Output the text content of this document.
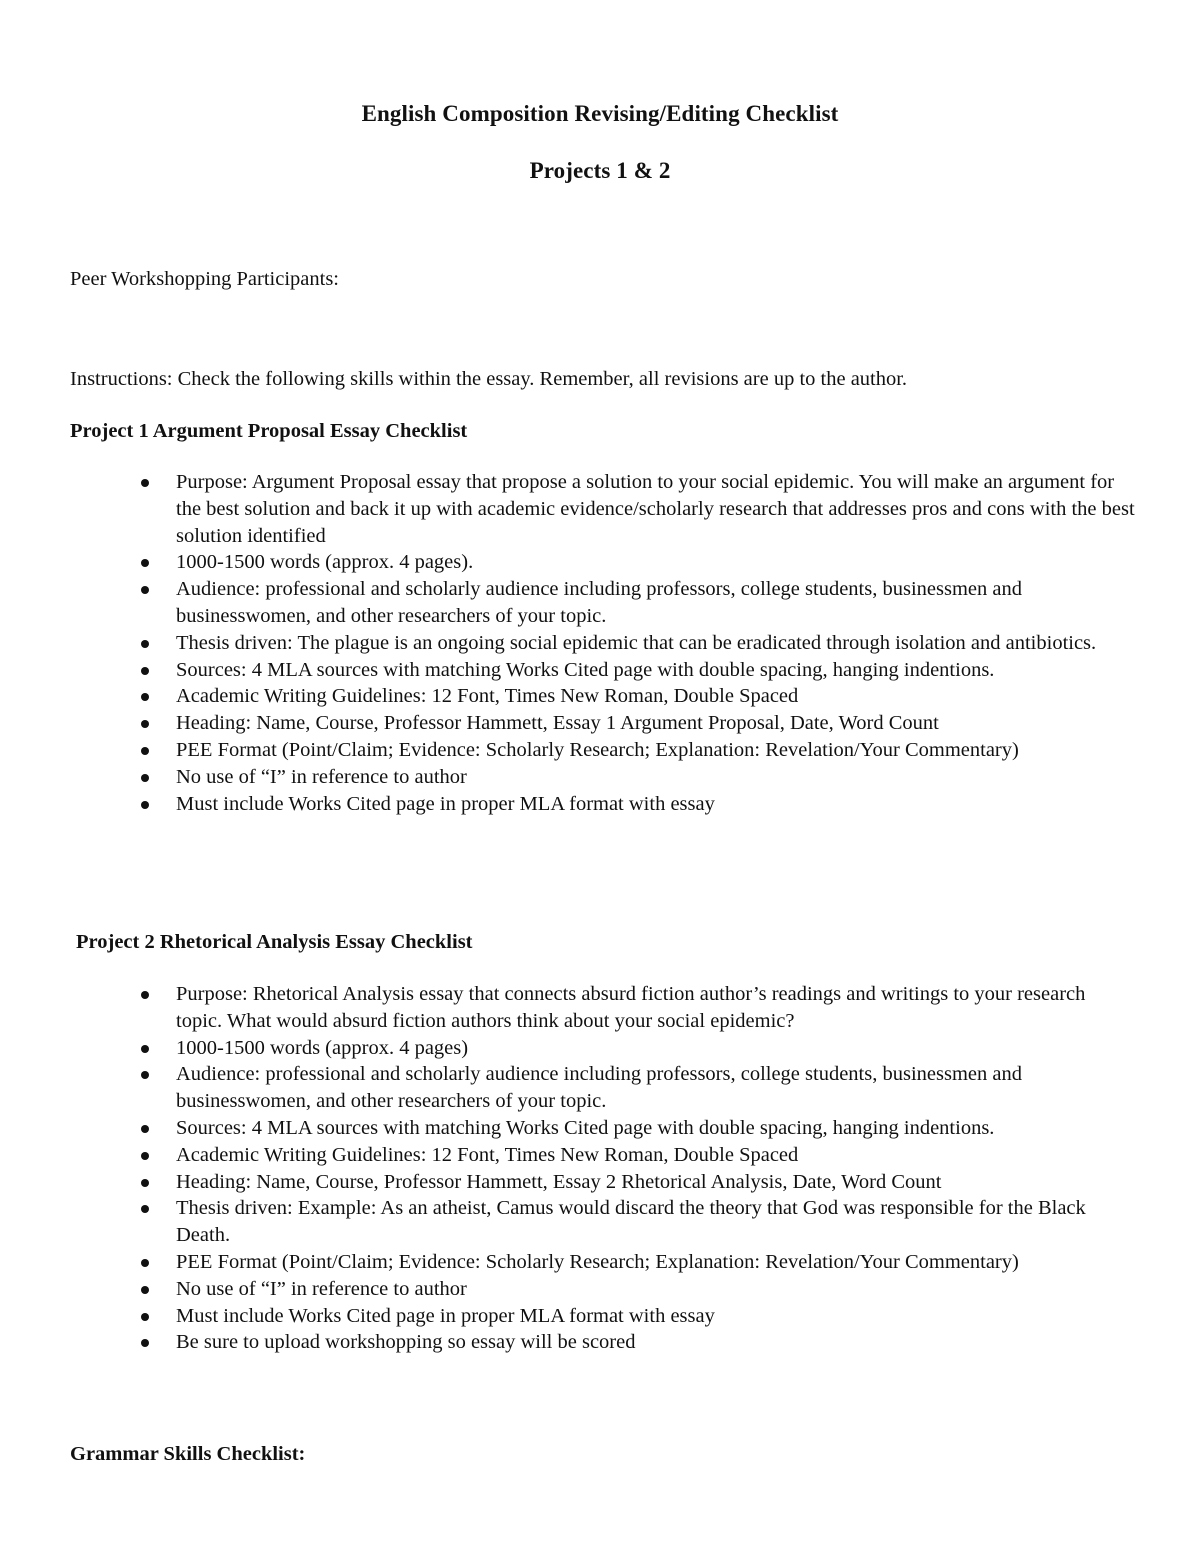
English Composition Revising/Editing Checklist
Projects 1 & 2
Peer Workshopping Participants:
Instructions: Check the following skills within the essay. Remember, all revisions are up to the author.
Project 1 Argument Proposal Essay Checklist
Purpose: Argument Proposal essay that propose a solution to your social epidemic. You will make an argument for the best solution and back it up with academic evidence/scholarly research that addresses pros and cons with the best solution identified
1000-1500 words (approx. 4 pages).
Audience: professional and scholarly audience including professors, college students, businessmen and businesswomen, and other researchers of your topic.
Thesis driven: The plague is an ongoing social epidemic that can be eradicated through isolation and antibiotics.
Sources: 4 MLA sources with matching Works Cited page with double spacing, hanging indentions.
Academic Writing Guidelines: 12 Font, Times New Roman, Double Spaced
Heading: Name, Course, Professor Hammett, Essay 1 Argument Proposal, Date, Word Count
PEE Format (Point/Claim; Evidence: Scholarly Research; Explanation: Revelation/Your Commentary)
No use of “I” in reference to author
Must include Works Cited page in proper MLA format with essay
Project 2 Rhetorical Analysis Essay Checklist
Purpose: Rhetorical Analysis essay that connects absurd fiction author’s readings and writings to your research topic. What would absurd fiction authors think about your social epidemic?
1000-1500 words (approx. 4 pages)
Audience: professional and scholarly audience including professors, college students, businessmen and businesswomen, and other researchers of your topic.
Sources: 4 MLA sources with matching Works Cited page with double spacing, hanging indentions.
Academic Writing Guidelines: 12 Font, Times New Roman, Double Spaced
Heading: Name, Course, Professor Hammett, Essay 2 Rhetorical Analysis, Date, Word Count
Thesis driven: Example: As an atheist, Camus would discard the theory that God was responsible for the Black Death.
PEE Format (Point/Claim; Evidence: Scholarly Research; Explanation: Revelation/Your Commentary)
No use of “I” in reference to author
Must include Works Cited page in proper MLA format with essay
Be sure to upload workshopping so essay will be scored
Grammar Skills Checklist:
